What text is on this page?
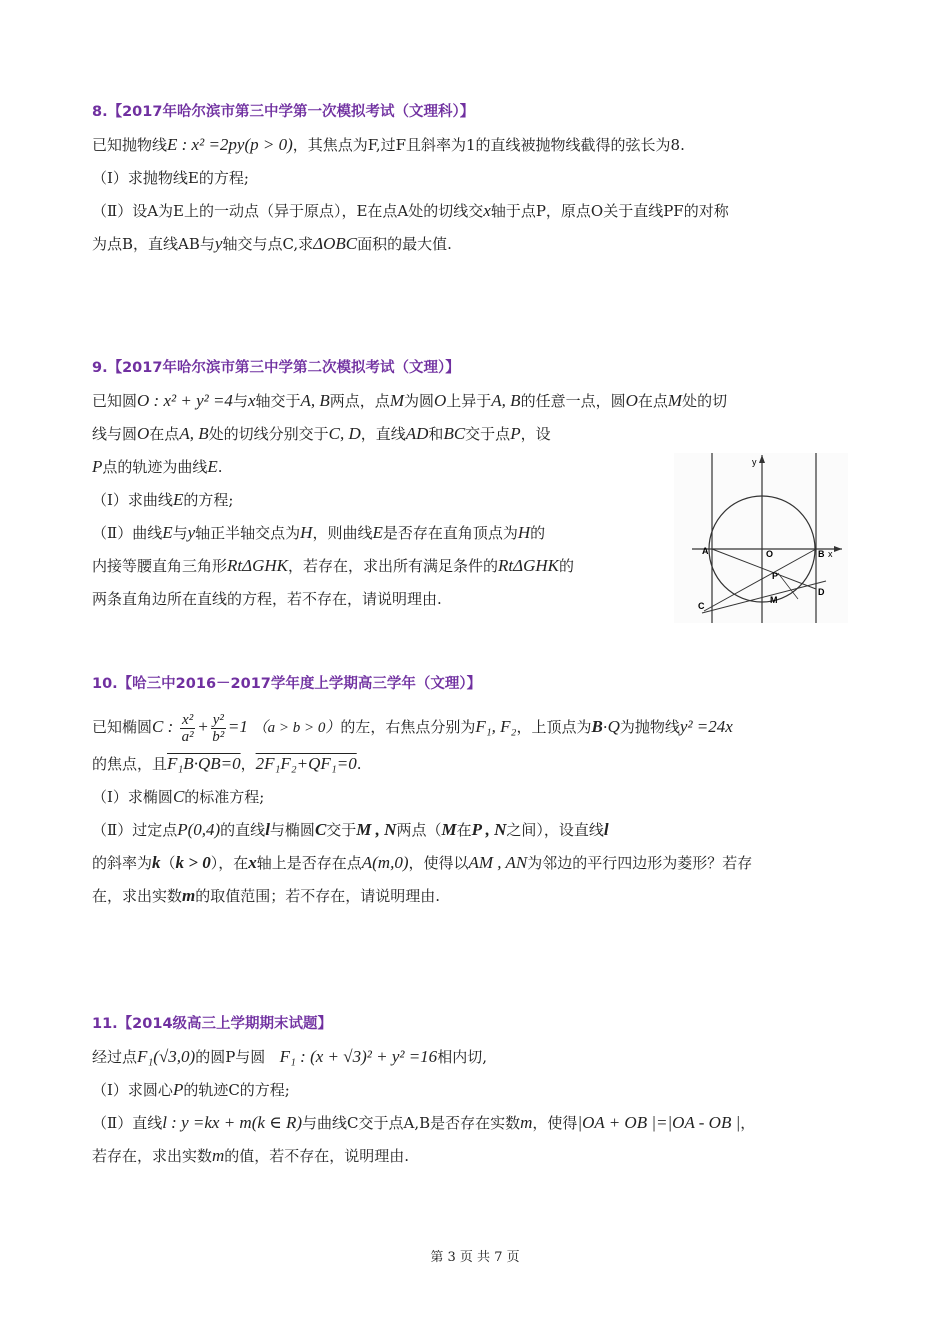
8.【2017年哈尔滨市第三中学第一次模拟考试（文理科）】
已知抛物线E : x² =2py(p > 0)，其焦点为F,过F且斜率为1的直线被抛物线截得的弦长为8.
（Ⅰ）求抛物线E的方程;
（Ⅱ）设A为E上的一动点（异于原点），E在点A处的切线交x轴于点P，原点O关于直线PF的对称
为点B，直线AB与y轴交与点C,求ΔOBC面积的最大值.
9.【2017年哈尔滨市第三中学第二次模拟考试（文理）】
已知圆O : x² + y² =4与x轴交于A, B两点，点M为圆O上异于A, B的任意一点，圆O在点M处的切
线与圆O在点A, B处的切线分别交于C, D，直线AD和BC交于点P，设
P点的轨迹为曲线E.
（Ⅰ）求曲线E的方程;
（Ⅱ）曲线E与y轴正半轴交点为H，则曲线E是否存在直角顶点为H的
内接等腰直角三角形RtΔGHK，若存在，求出所有满足条件的RtΔGHK的
两条直角边所在直线的方程，若不存在，请说明理由.
A	O	B x
y
P
C
M
D
10.【哈三中2016－2017学年度上学期高三学年（文理）】
已知椭圆C : $\frac{\text{x²}}{\text{a²}} + \frac{\text{y²}}{\text{b²}} =1$ （a > b > 0）的左，右焦点分别为F₁, F₂，上顶点为B·Q为抛物线y² =24x
的焦点，且F₁B·QB=0，2F₁F₂+QF₁=0.
（Ⅰ）求椭圆C的标准方程;
（Ⅱ）过定点P(0,4)的直线l与椭圆C交于M , N两点（M在P , N之间），设直线l
的斜率为k（k > 0），在x轴上是否存在点A(m,0)，使得以AM , AN为邻边的平行四边形为菱形？若存
在，求出实数m的取值范围；若不存在，请说明理由.
11.【2014级高三上学期期末试题】
经过点F₁(√3,0)的圆P与圆 F₁ : (x + √3)² + y² =16相内切,
（Ⅰ）求圆心P的轨迹C的方程;
（Ⅱ）直线l : y =kx + m(k ∈ R)与曲线C交于点A,B是否存在实数m，使得|OA + OB |=|OA - OB |，
若存在，求出实数m的值，若不存在，说明理由.
第 3 页 共 7 页
